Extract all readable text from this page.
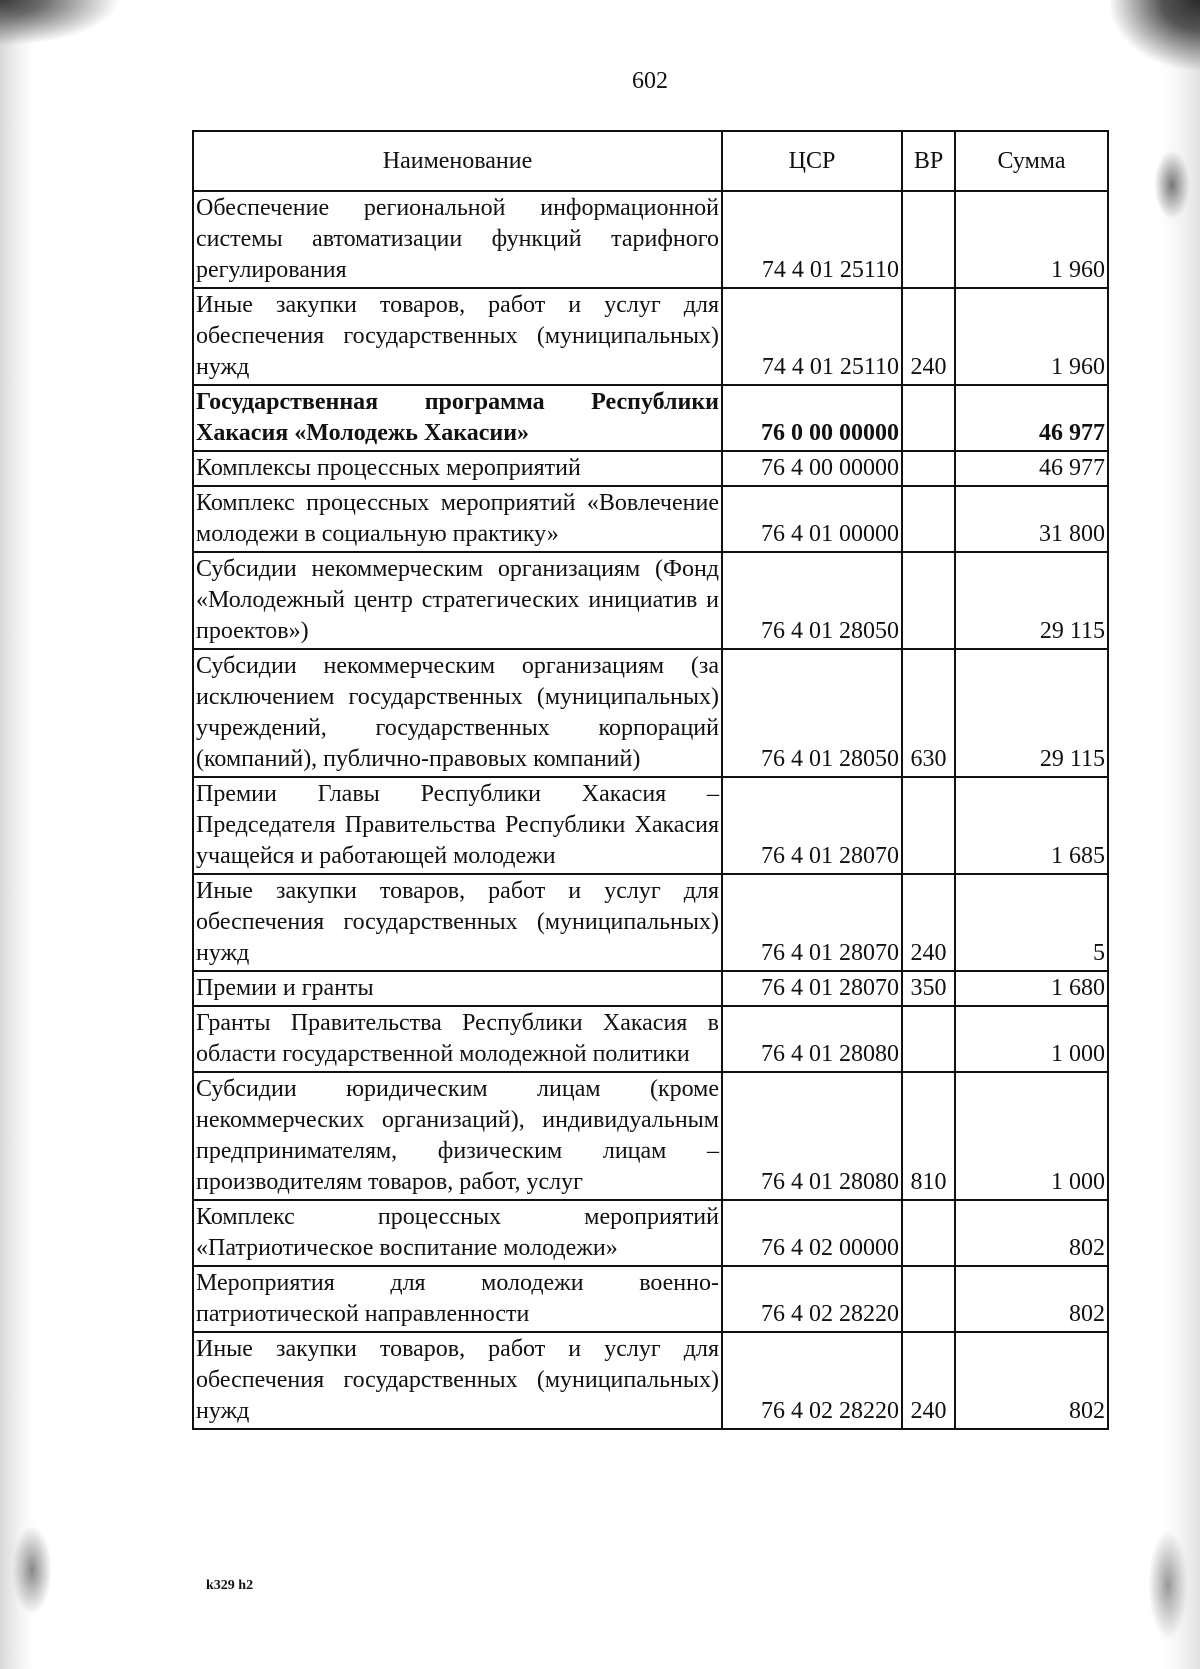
602
Наименование	ЦСР	ВР	Сумма
Обеспечение региональной информационной системы автоматизации функций тарифного регулирования	74 4 01 25110		1 960
Иные закупки товаров, работ и услуг для обеспечения государственных (муниципальных) нужд	74 4 01 25110	240	1 960
Государственная программа Республики Хакасия «Молодежь Хакасии»	76 0 00 00000		46 977
Комплексы процессных мероприятий	76 4 00 00000		46 977
Комплекс процессных мероприятий «Вовлечение молодежи в социальную практику»	76 4 01 00000		31 800
Субсидии некоммерческим организациям (Фонд «Молодежный центр стратегических инициатив и проектов»)	76 4 01 28050		29 115
Субсидии некоммерческим организациям (за исключением государственных (муниципальных) учреждений, государственных корпораций (компаний), публично-правовых компаний)	76 4 01 28050	630	29 115
Премии Главы Республики Хакасия – Председателя Правительства Республики Хакасия учащейся и работающей молодежи	76 4 01 28070		1 685
Иные закупки товаров, работ и услуг для обеспечения государственных (муниципальных) нужд	76 4 01 28070	240	5
Премии и гранты	76 4 01 28070	350	1 680
Гранты Правительства Республики Хакасия в области государственной молодежной политики	76 4 01 28080		1 000
Субсидии юридическим лицам (кроме некоммерческих организаций), индивидуальным предпринимателям, физическим лицам – производителям товаров, работ, услуг	76 4 01 28080	810	1 000
Комплекс процессных мероприятий «Патриотическое воспитание молодежи»	76 4 02 00000		802
Мероприятия для молодежи военно-патриотической направленности	76 4 02 28220		802
Иные закупки товаров, работ и услуг для обеспечения государственных (муниципальных) нужд	76 4 02 28220	240	802
k329 h2
